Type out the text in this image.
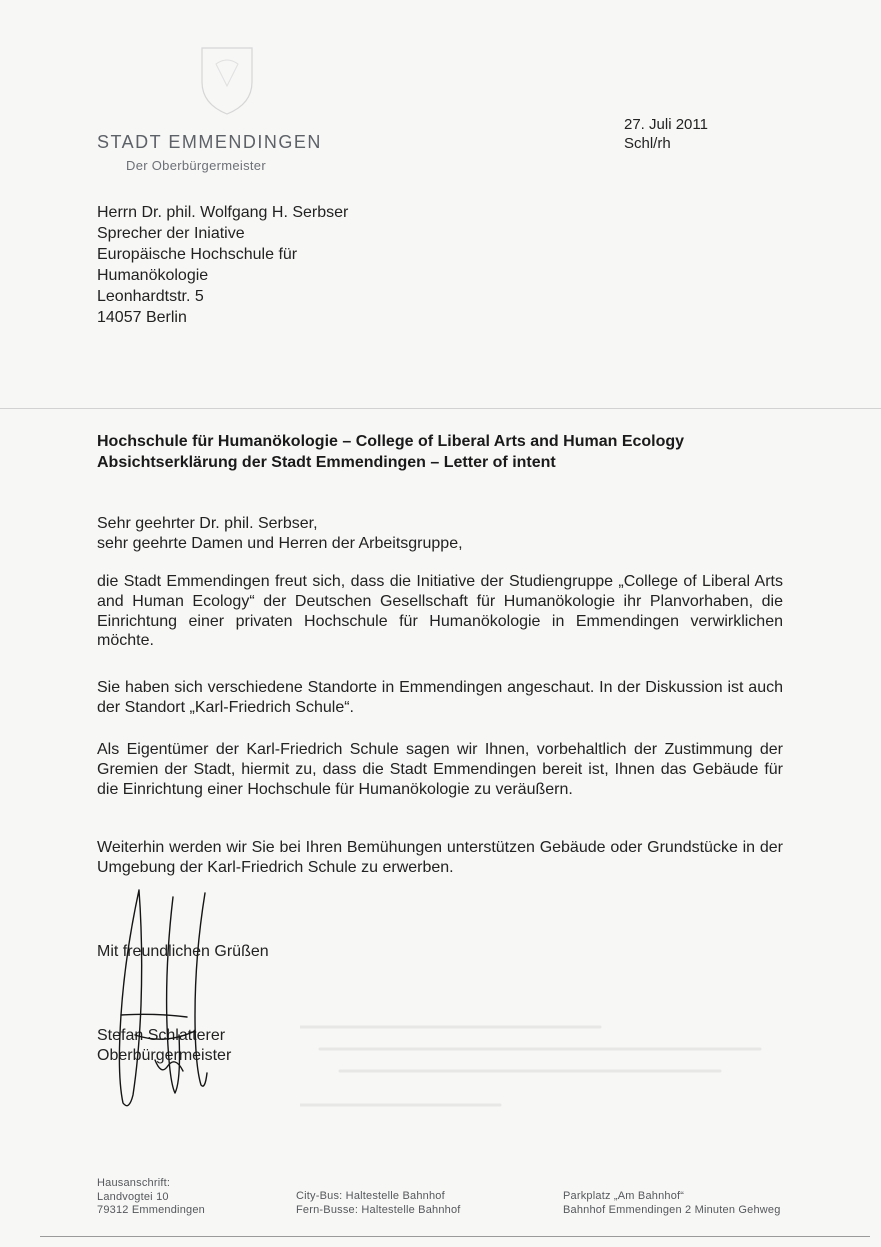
STADT EMMENDINGEN
Der Oberbürgermeister
27. Juli 2011
Schl/rh
Herrn Dr. phil. Wolfgang H. Serbser
Sprecher der Iniative
Europäische Hochschule für
Humanökologie
Leonhardtstr. 5
14057 Berlin
Hochschule für Humanökologie – College of Liberal Arts and Human Ecology
Absichtserklärung der Stadt Emmendingen – Letter of intent
Sehr geehrter Dr. phil. Serbser,
sehr geehrte Damen und Herren der Arbeitsgruppe,
die Stadt Emmendingen freut sich, dass die Initiative der Studiengruppe „College of Liberal Arts and Human Ecology“ der Deutschen Gesellschaft für Humanökologie ihr Planvorhaben, die Einrichtung einer privaten Hochschule für Humanökologie in Emmendingen verwirklichen möchte.
Sie haben sich verschiedene Standorte in Emmendingen angeschaut. In der Diskussion ist auch der Standort „Karl-Friedrich Schule“.
Als Eigentümer der Karl-Friedrich Schule sagen wir Ihnen, vorbehaltlich der Zustimmung der Gremien der Stadt, hiermit zu, dass die Stadt Emmendingen bereit ist, Ihnen das Gebäude für die Einrichtung einer Hochschule für Humanökologie zu veräußern.
Weiterhin werden wir Sie bei Ihren Bemühungen unterstützen Gebäude oder Grundstücke in der Umgebung der Karl-Friedrich Schule zu erwerben.
Mit freundlichen Grüßen
Stefan Schlatterer
Oberbürgermeister
Hausanschrift:
Landvogtei 10
79312 Emmendingen
City-Bus: Haltestelle Bahnhof
Fern-Busse: Haltestelle Bahnhof
Parkplatz „Am Bahnhof“
Bahnhof Emmendingen 2 Minuten Gehweg
